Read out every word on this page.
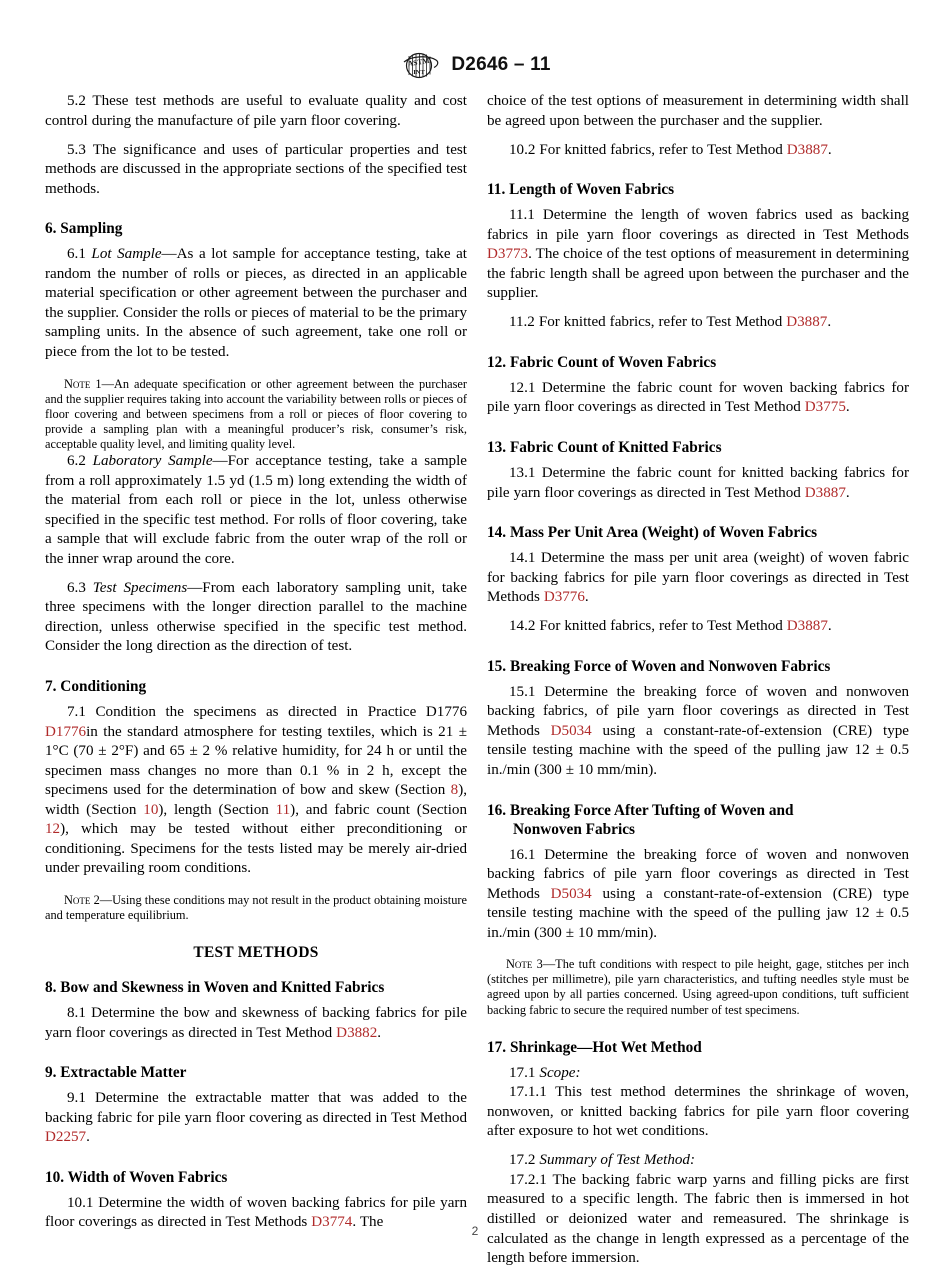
ASTM
INT D2646 – 11

5.2 These test methods are useful to evaluate quality and cost control during the manufacture of pile yarn floor covering.

5.3 The significance and uses of particular properties and test methods are discussed in the appropriate sections of the specified test methods.

6. Sampling

6.1 Lot Sample—As a lot sample for acceptance testing, take at random the number of rolls or pieces, as directed in an applicable material specification or other agreement between the purchaser and the supplier. Consider the rolls or pieces of material to be the primary sampling units. In the absence of such agreement, take one roll or piece from the lot to be tested.

Note 1—An adequate specification or other agreement between the purchaser and the supplier requires taking into account the variability between rolls or pieces of floor covering and between specimens from a roll or pieces of floor covering to provide a sampling plan with a meaningful producer’s risk, consumer’s risk, acceptable quality level, and limiting quality level.

6.2 Laboratory Sample—For acceptance testing, take a sample from a roll approximately 1.5 yd (1.5 m) long extending the width of the material from each roll or piece in the lot, unless otherwise specified in the specific test method. For rolls of floor covering, take a sample that will exclude fabric from the outer wrap of the roll or the inner wrap around the core.

6.3 Test Specimens—From each laboratory sampling unit, take three specimens with the longer direction parallel to the machine direction, unless otherwise specified in the specific test method. Consider the long direction as the direction of test.

7. Conditioning

7.1 Condition the specimens as directed in Practice D1776 D1776in the standard atmosphere for testing textiles, which is 21 ± 1°C (70 ± 2°F) and 65 ± 2 % relative humidity, for 24 h or until the specimen mass changes no more than 0.1 % in 2 h, except the specimens used for the determination of bow and skew (Section 8), width (Section 10), length (Section 11), and fabric count (Section 12), which may be tested without either preconditioning or conditioning. Specimens for the tests listed may be merely air-dried under prevailing room conditions.

Note 2—Using these conditions may not result in the product obtaining moisture and temperature equilibrium.

TEST METHODS
8. Bow and Skewness in Woven and Knitted Fabrics

8.1 Determine the bow and skewness of backing fabrics for pile yarn floor coverings as directed in Test Method D3882.

9. Extractable Matter

9.1 Determine the extractable matter that was added to the backing fabric for pile yarn floor covering as directed in Test Method D2257.

10. Width of Woven Fabrics

10.1 Determine the width of woven backing fabrics for pile yarn floor coverings as directed in Test Methods D3774. The

choice of the test options of measurement in determining width shall be agreed upon between the purchaser and the supplier.

10.2 For knitted fabrics, refer to Test Method D3887.

11. Length of Woven Fabrics

11.1 Determine the length of woven fabrics used as backing fabrics in pile yarn floor coverings as directed in Test Methods D3773. The choice of the test options of measurement in determining the fabric length shall be agreed upon between the purchaser and the supplier.

11.2 For knitted fabrics, refer to Test Method D3887.

12. Fabric Count of Woven Fabrics

12.1 Determine the fabric count for woven backing fabrics for pile yarn floor coverings as directed in Test Method D3775.

13. Fabric Count of Knitted Fabrics

13.1 Determine the fabric count for knitted backing fabrics for pile yarn floor coverings as directed in Test Method D3887.

14. Mass Per Unit Area (Weight) of Woven Fabrics

14.1 Determine the mass per unit area (weight) of woven fabric for backing fabrics for pile yarn floor coverings as directed in Test Methods D3776.

14.2 For knitted fabrics, refer to Test Method D3887.

15. Breaking Force of Woven and Nonwoven Fabrics

15.1 Determine the breaking force of woven and nonwoven backing fabrics, of pile yarn floor coverings as directed in Test Methods D5034 using a constant-rate-of-extension (CRE) type tensile testing machine with the speed of the pulling jaw 12 ± 0.5 in./min (300 ± 10 mm/min).

16. Breaking Force After Tufting of Woven and
Nonwoven Fabrics

16.1 Determine the breaking force of woven and nonwoven backing fabrics of pile yarn floor coverings as directed in Test Methods D5034 using a constant-rate-of-extension (CRE) type tensile testing machine with the speed of the pulling jaw 12 ± 0.5 in./min (300 ± 10 mm/min).

Note 3—The tuft conditions with respect to pile height, gage, stitches per inch (stitches per millimetre), pile yarn characteristics, and tufting needles style must be agreed upon by all parties concerned. Using agreed-upon conditions, tuft sufficient backing fabric to secure the required number of test specimens.

17. Shrinkage—Hot Wet Method

17.1 Scope:

17.1.1 This test method determines the shrinkage of woven, nonwoven, or knitted backing fabrics for pile yarn floor covering after exposure to hot wet conditions.

17.2 Summary of Test Method:

17.2.1 The backing fabric warp yarns and filling picks are first measured to a specific length. The fabric then is immersed in hot distilled or deionized water and remeasured. The shrinkage is calculated as the change in length expressed as a percentage of the length before immersion.

2
